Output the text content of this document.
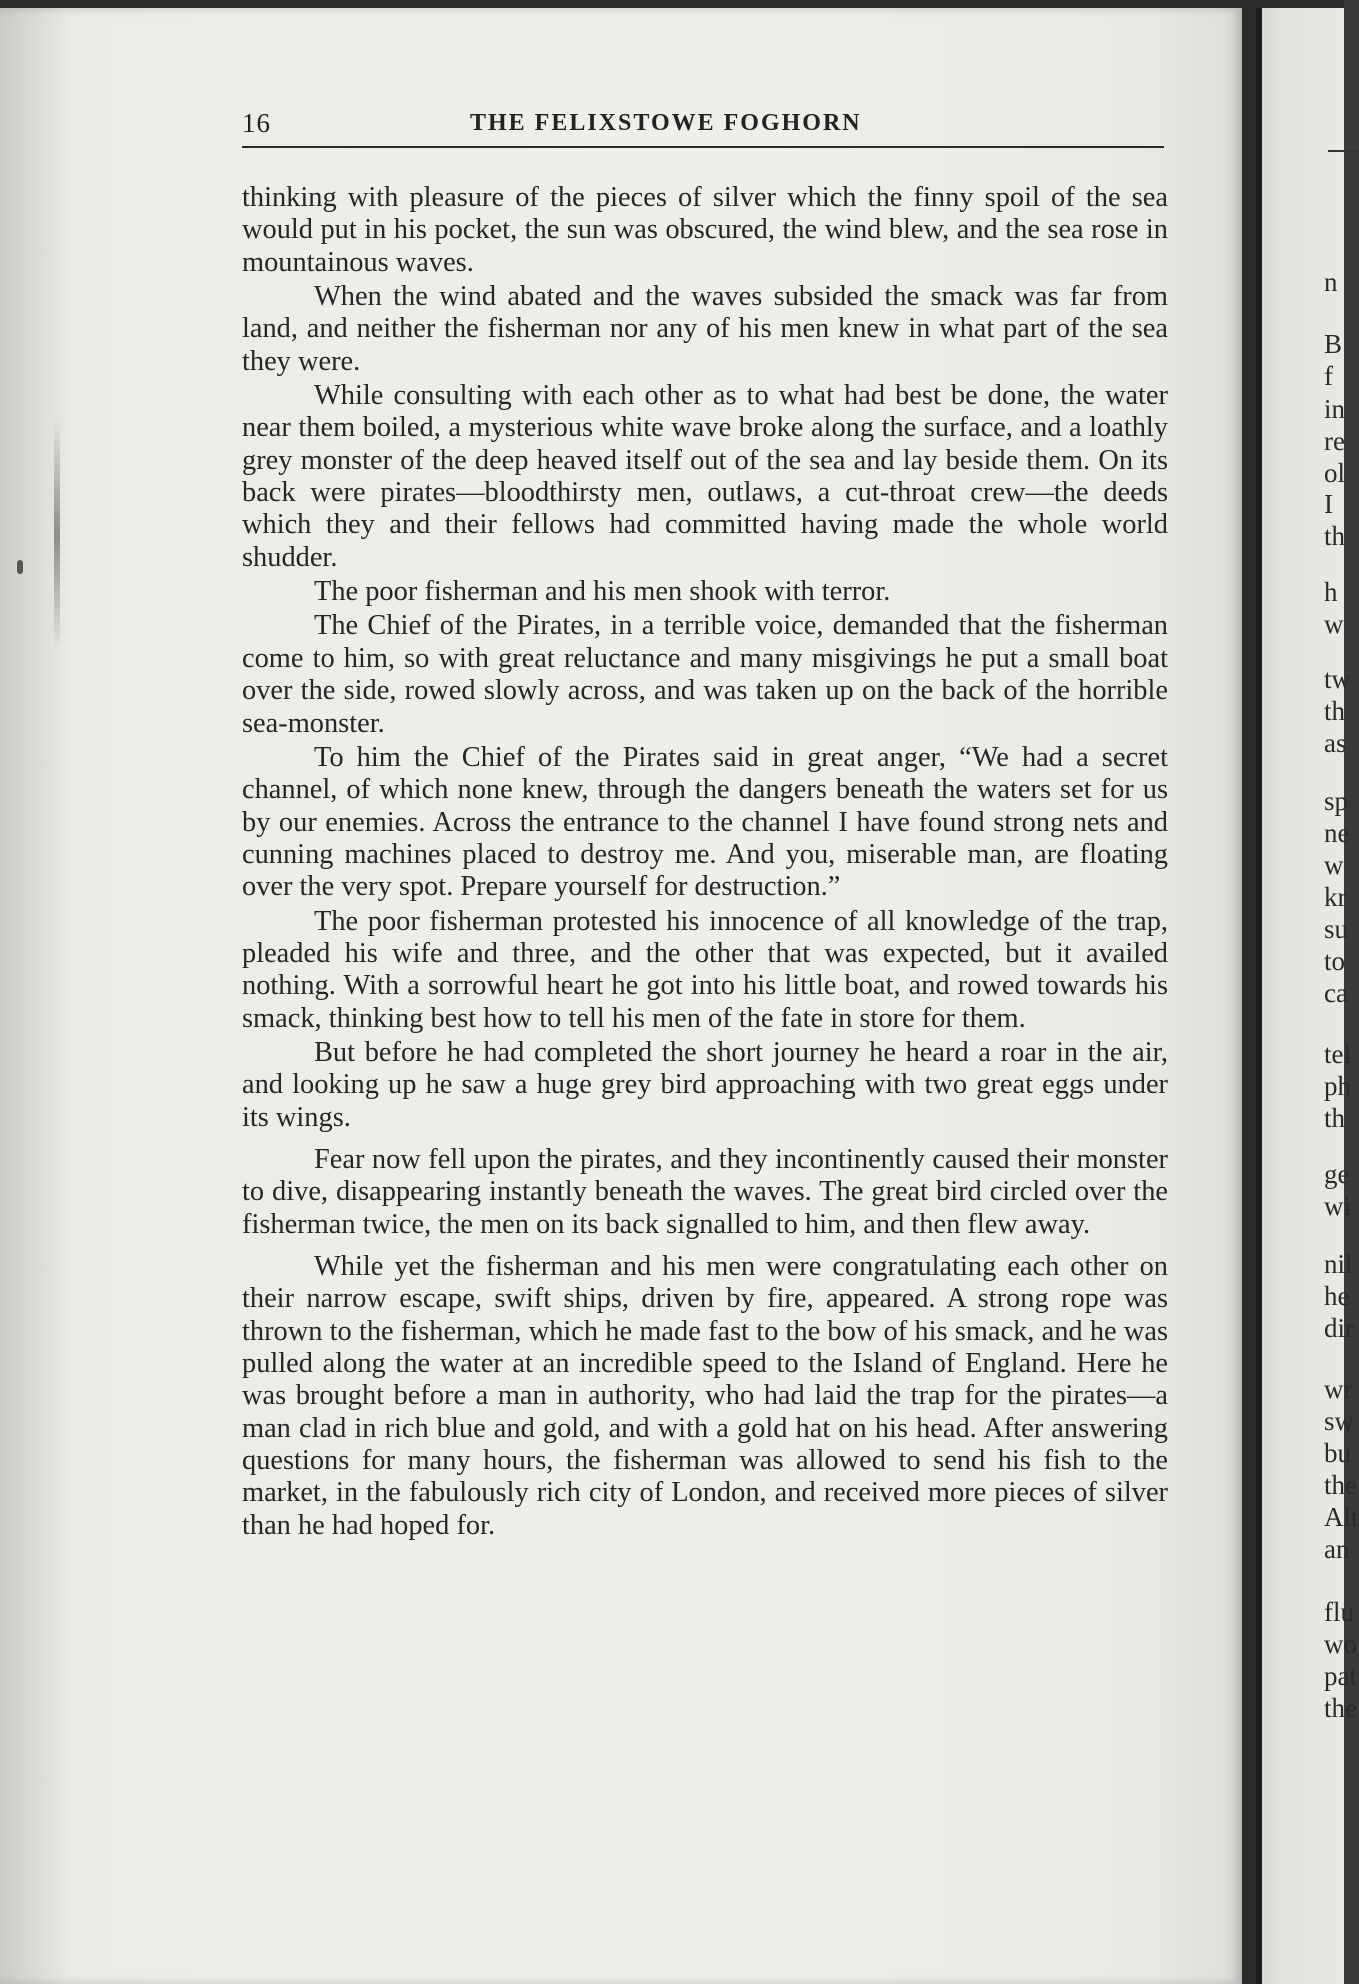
n
B
f
in
re
ol
I
th
h
w
tw
th
as
sp
ne
w
kr
su
to
ca
tel
ph
th
ge
wi
nil
he
dir
wr
sw
bu
the
Alt
an
flu
wo
pat
the
16	THE FELIXSTOWE FOGHORN

thinking with pleasure of the pieces of silver which the finny spoil of the sea would put in his pocket, the sun was obscured, the wind blew, and the sea rose in mountainous waves.

When the wind abated and the waves subsided the smack was far from land, and neither the fisherman nor any of his men knew in what part of the sea they were.

While consulting with each other as to what had best be done, the water near them boiled, a mysterious white wave broke along the surface, and a loathly grey monster of the deep heaved itself out of the sea and lay beside them. On its back were pirates—bloodthirsty men, outlaws, a cut-throat crew—the deeds which they and their fellows had committed having made the whole world shudder.

The poor fisherman and his men shook with terror.

The Chief of the Pirates, in a terrible voice, demanded that the fisherman come to him, so with great reluctance and many misgivings he put a small boat over the side, rowed slowly across, and was taken up on the back of the horrible sea-monster.

To him the Chief of the Pirates said in great anger, “We had a secret channel, of which none knew, through the dangers beneath the waters set for us by our enemies. Across the entrance to the channel I have found strong nets and cunning machines placed to destroy me. And you, miserable man, are floating over the very spot. Prepare yourself for destruction.”

The poor fisherman protested his innocence of all knowledge of the trap, pleaded his wife and three, and the other that was expected, but it availed nothing. With a sorrowful heart he got into his little boat, and rowed towards his smack, thinking best how to tell his men of the fate in store for them.

But before he had completed the short journey he heard a roar in the air, and looking up he saw a huge grey bird approaching with two great eggs under its wings.

Fear now fell upon the pirates, and they incontinently caused their monster to dive, disappearing instantly beneath the waves. The great bird circled over the fisherman twice, the men on its back signalled to him, and then flew away.

While yet the fisherman and his men were congratulating each other on their narrow escape, swift ships, driven by fire, appeared. A strong rope was thrown to the fisherman, which he made fast to the bow of his smack, and he was pulled along the water at an incredible speed to the Island of England. Here he was brought before a man in authority, who had laid the trap for the pirates—a man clad in rich blue and gold, and with a gold hat on his head. After answering questions for many hours, the fisherman was allowed to send his fish to the market, in the fabulously rich city of London, and received more pieces of silver than he had hoped for.
